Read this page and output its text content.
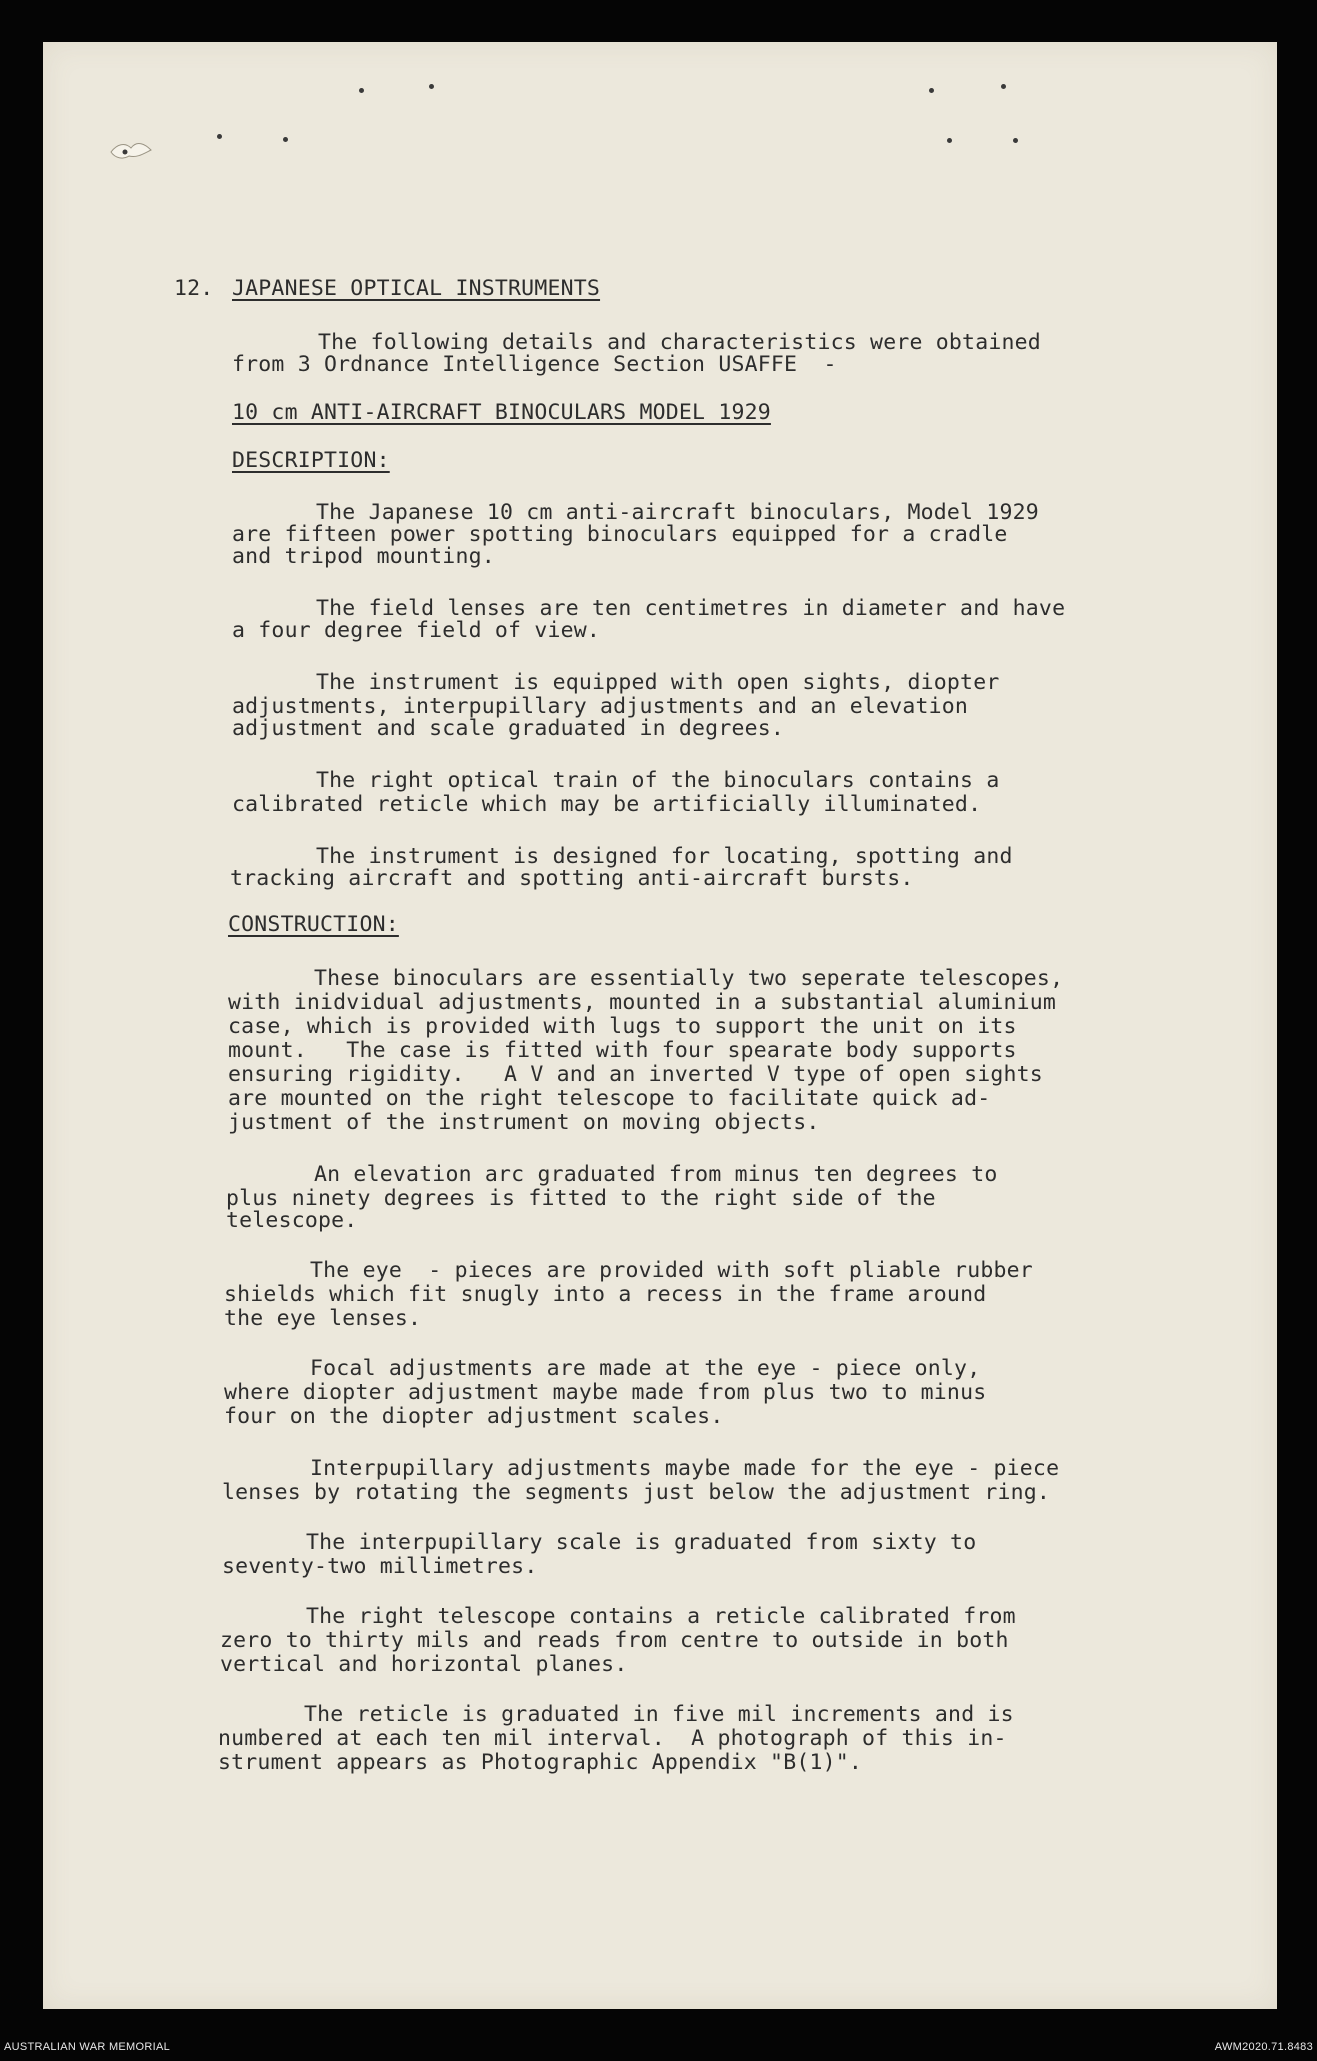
12. JAPANESE OPTICAL INSTRUMENTS
The following details and characteristics were obtained
from 3 Ordnance Intelligence Section USAFFE  -
10 cm ANTI-AIRCRAFT BINOCULARS MODEL 1929
DESCRIPTION:
The Japanese 10 cm anti-aircraft binoculars, Model 1929
are fifteen power spotting binoculars equipped for a cradle
and tripod mounting.
The field lenses are ten centimetres in diameter and have
a four degree field of view.
The instrument is equipped with open sights, diopter
adjustments, interpupillary adjustments and an elevation
adjustment and scale graduated in degrees.
The right optical train of the binoculars contains a
calibrated reticle which may be artificially illuminated.
The instrument is designed for locating, spotting and
tracking aircraft and spotting anti-aircraft bursts.
CONSTRUCTION:
These binoculars are essentially two seperate telescopes,
with inidvidual adjustments, mounted in a substantial aluminium
case, which is provided with lugs to support the unit on its
mount.   The case is fitted with four spearate body supports
ensuring rigidity.   A V and an inverted V type of open sights
are mounted on the right telescope to facilitate quick ad-
justment of the instrument on moving objects.
An elevation arc graduated from minus ten degrees to
plus ninety degrees is fitted to the right side of the
telescope.
The eye  - pieces are provided with soft pliable rubber
shields which fit snugly into a recess in the frame around
the eye lenses.
Focal adjustments are made at the eye - piece only,
where diopter adjustment maybe made from plus two to minus
four on the diopter adjustment scales.
Interpupillary adjustments maybe made for the eye - piece
lenses by rotating the segments just below the adjustment ring.
The interpupillary scale is graduated from sixty to
seventy-two millimetres.
The right telescope contains a reticle calibrated from
zero to thirty mils and reads from centre to outside in both
vertical and horizontal planes.
The reticle is graduated in five mil increments and is
numbered at each ten mil interval.  A photograph of this in-
strument appears as Photographic Appendix "B(1)".
AUSTRALIAN WAR MEMORIAL	AWM2020.71.8483
